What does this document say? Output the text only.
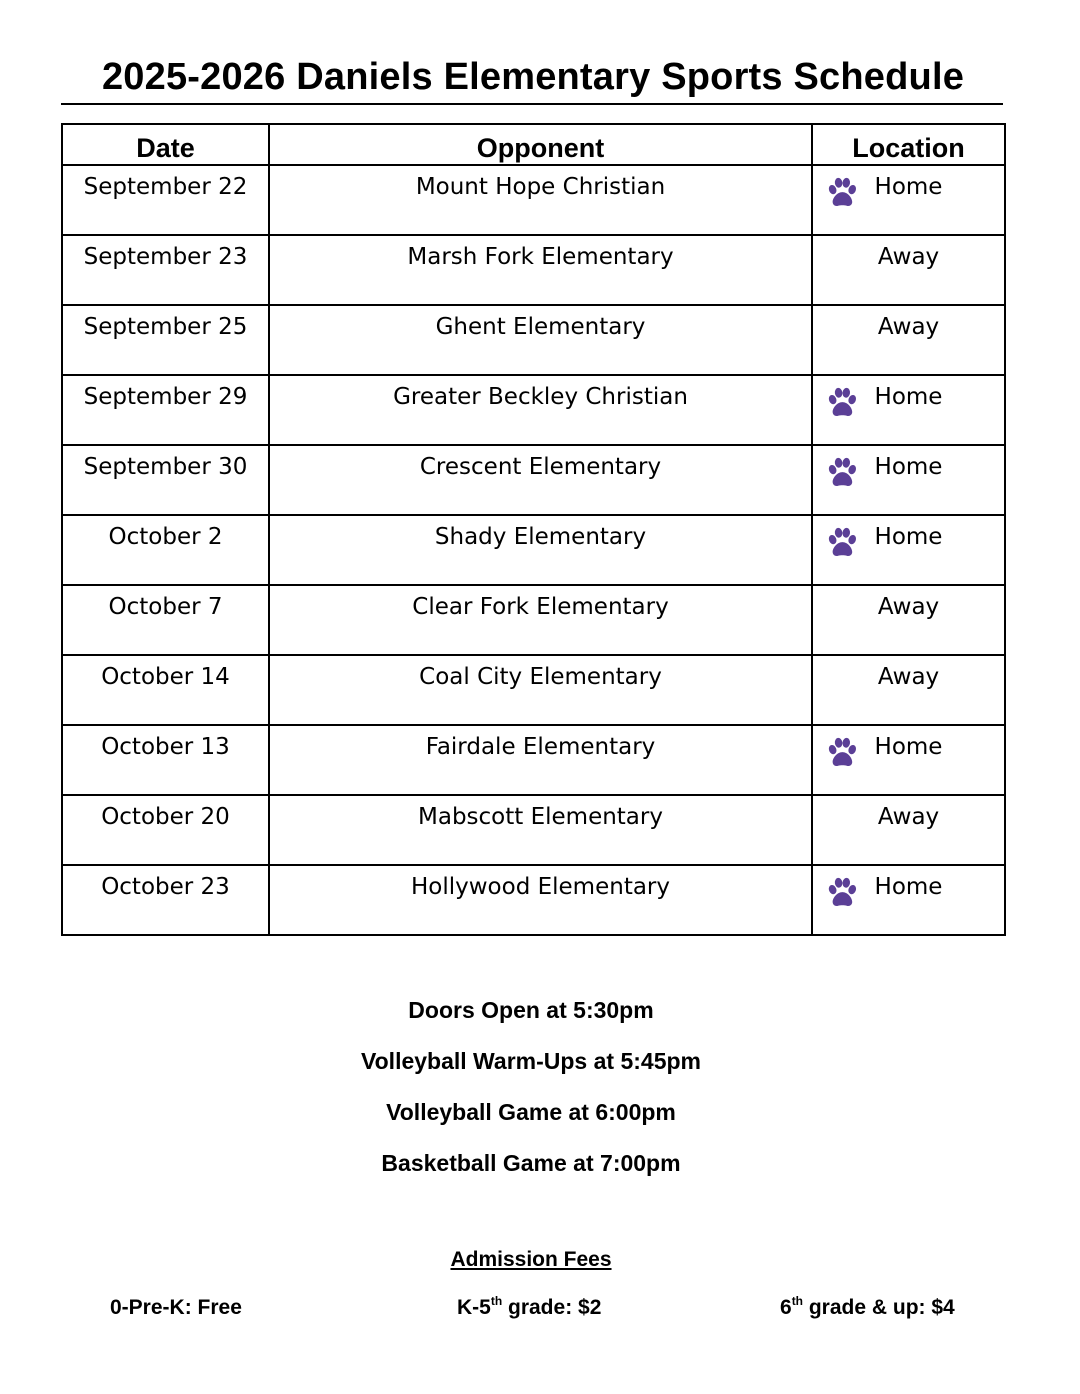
2025-2026 Daniels Elementary Sports Schedule
Date	Opponent	Location
September 22	Mount Hope Christian	Home
September 23	Marsh Fork Elementary	Away
September 25	Ghent Elementary	Away
September 29	Greater Beckley Christian	Home
September 30	Crescent Elementary	Home
October 2	Shady Elementary	Home
October 7	Clear Fork Elementary	Away
October 14	Coal City Elementary	Away
October 13	Fairdale Elementary	Home
October 20	Mabscott Elementary	Away
October 23	Hollywood Elementary	Home
Doors Open at 5:30pm
Volleyball Warm-Ups at 5:45pm
Volleyball Game at 6:00pm
Basketball Game at 7:00pm
Admission Fees
0-Pre-K: Free	K-5th grade: $2	6th grade & up: $4
